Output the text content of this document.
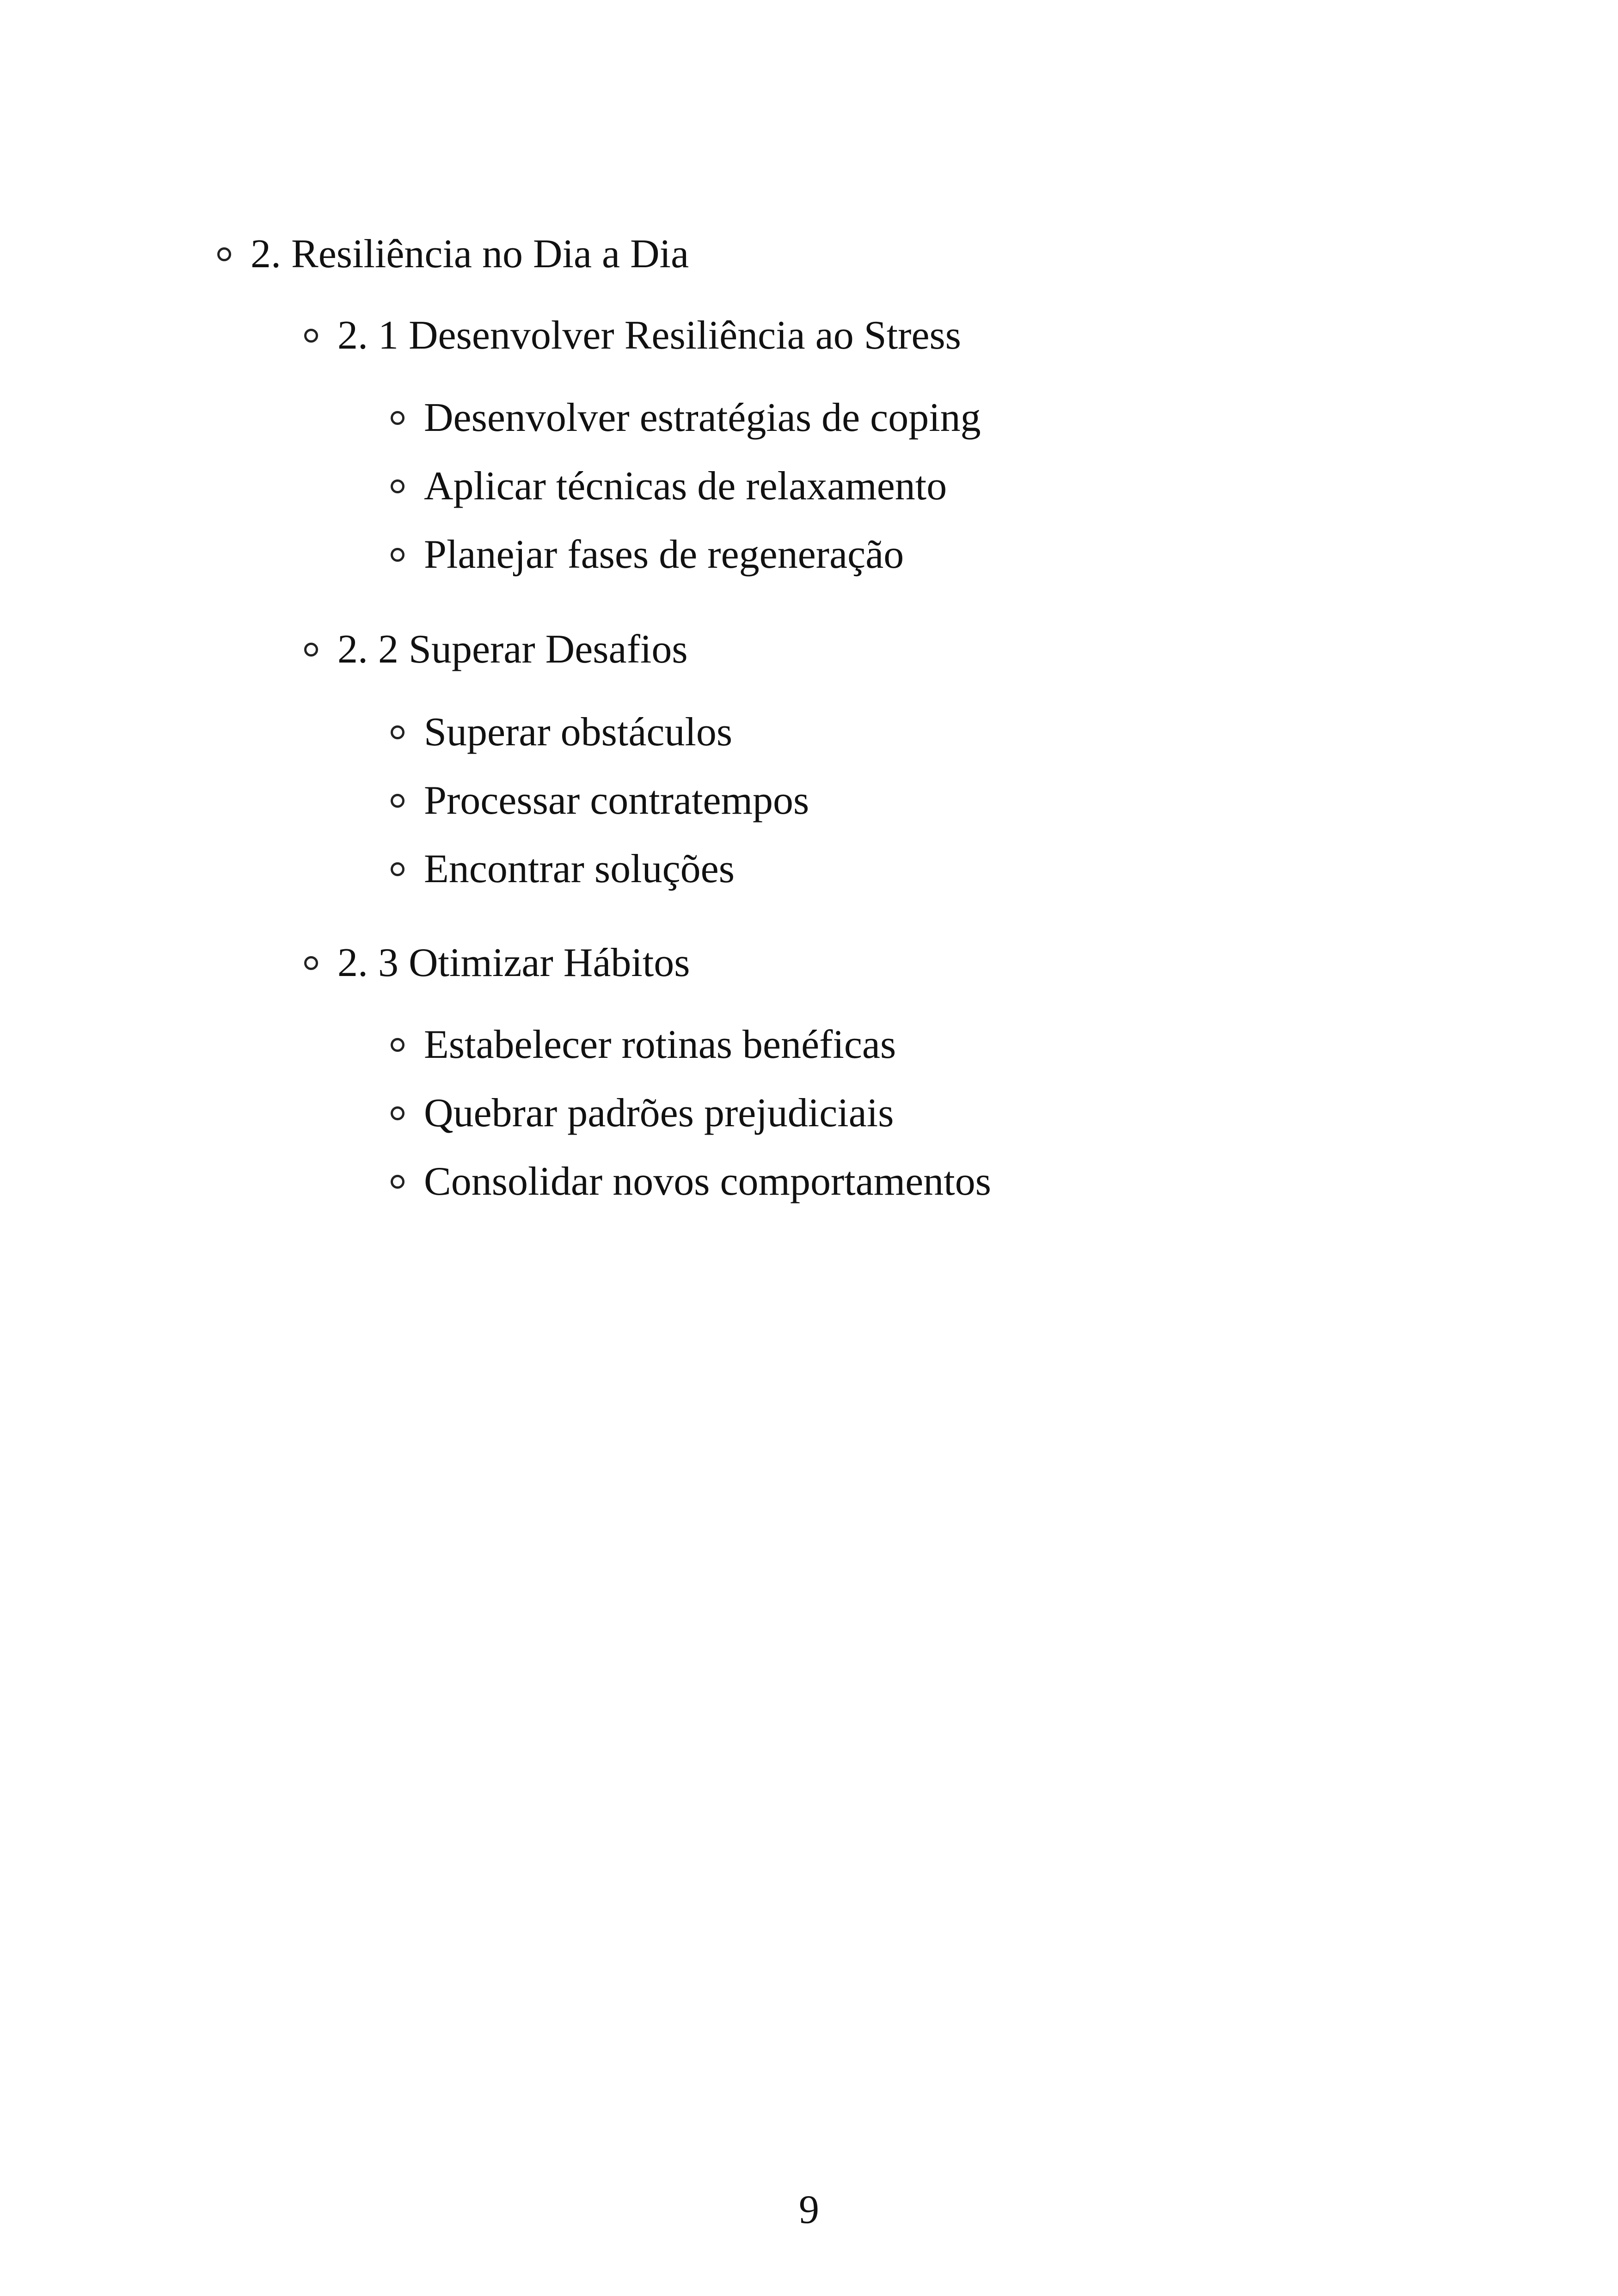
2. Resiliência no Dia a Dia
2. 1 Desenvolver Resiliência ao Stress
Desenvolver estratégias de coping
Aplicar técnicas de relaxamento
Planejar fases de regeneração
2. 2 Superar Desafios
Superar obstáculos
Processar contratempos
Encontrar soluções
2. 3 Otimizar Hábitos
Estabelecer rotinas benéficas
Quebrar padrões prejudiciais
Consolidar novos comportamentos
9
